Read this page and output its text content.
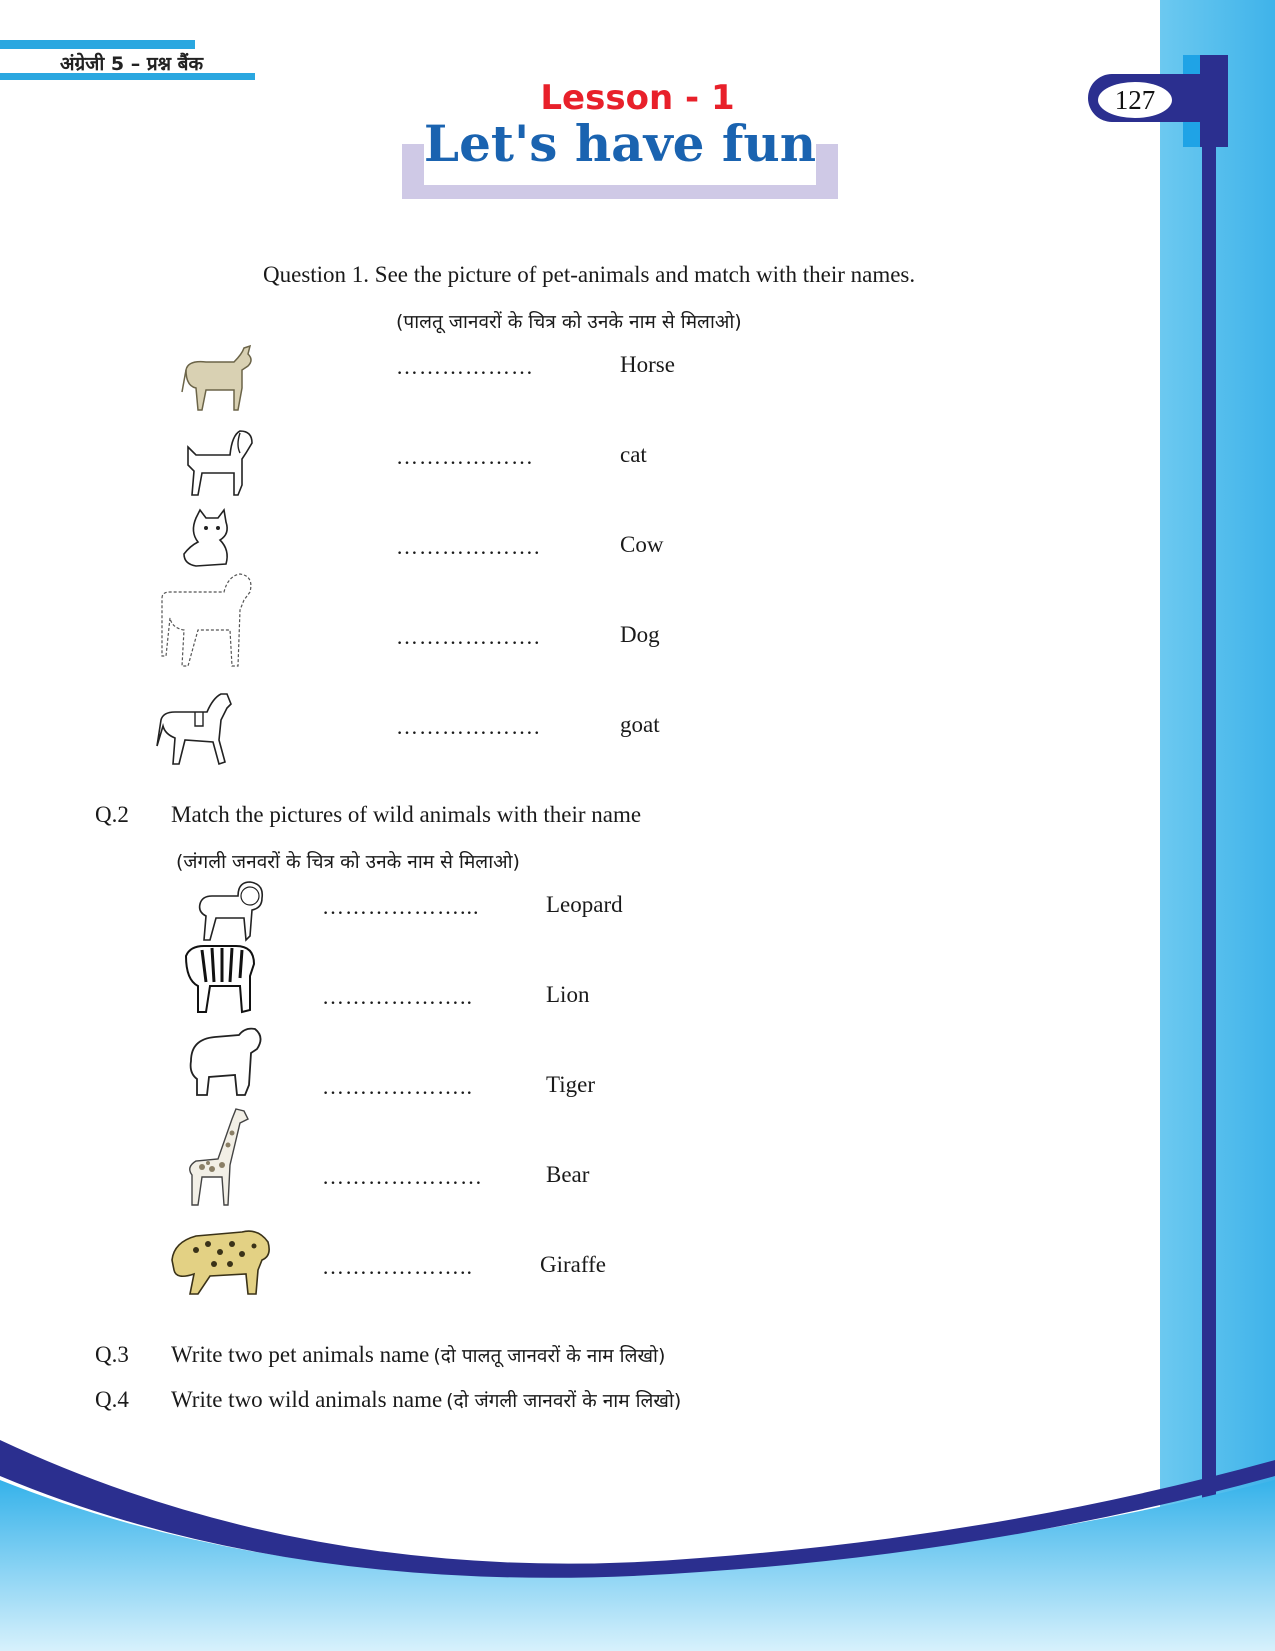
127
अंग्रेजी 5 – प्रश्न बैंक
Lesson - 1
Let's have fun
Question 1. See the picture of pet-animals and match with their names.
(पालतू जानवरों के चित्र को उनके नाम से मिलाओ)
………………	Horse
………………	cat
……………….	Cow
……………….	Dog
……………….	goat
Q.2 Match the pictures of wild animals with their name
(जंगली जनवरों के चित्र को उनके नाम से मिलाओ)
………………...	Leopard
………………..	Lion
………………..	Tiger
…………………	Bear
………………..	Giraffe
Q.3 Write two pet animals name (दो पालतू जानवरों के नाम लिखो)
Q.4 Write two wild animals name (दो जंगली जानवरों के नाम लिखो)
